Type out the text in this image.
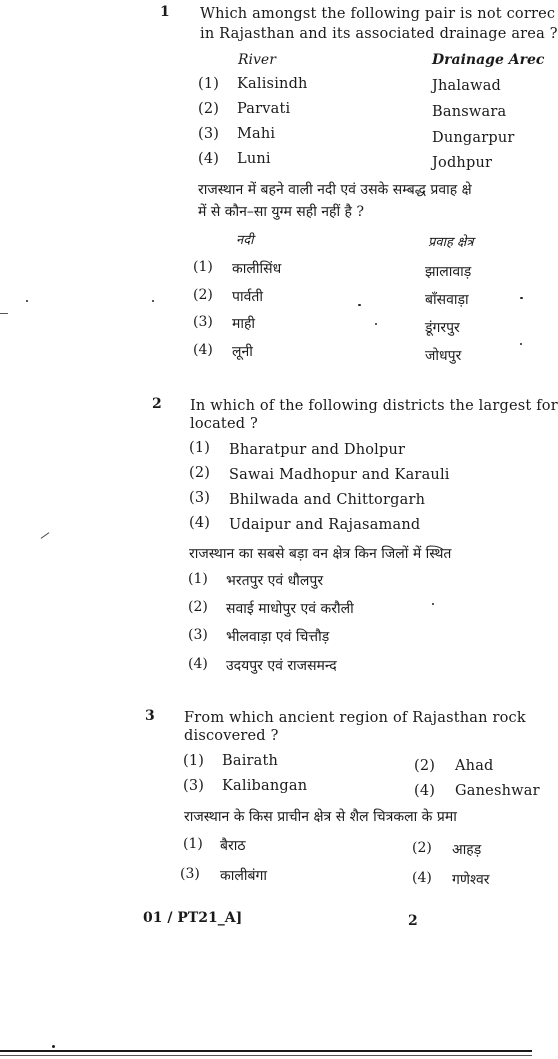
1 Which amongst the following pair is not correc
in Rajasthan and its associated drainage area ?
River	Drainage Arec
(1) Kalisindh	Jhalawad
(2) Parvati	Banswara
(3) Mahi	Dungarpur
(4) Luni	Jodhpur
राजस्थान में बहने वाली नदी एवं उसके सम्बद्ध प्रवाह क्षे
में से कौन–सा युग्म सही नहीं है ?
नदी	प्रवाह क्षेत्र
(1) कालीसिंध	झालावाड़
(2) पार्वती	बाँसवाड़ा
(3) माही	डूंगरपुर
(4) लूनी	जोधपुर
2 In which of the following districts the largest for
located ?
(1) Bharatpur and Dholpur
(2) Sawai Madhopur and Karauli
(3) Bhilwada and Chittorgarh
(4) Udaipur and Rajasamand
राजस्थान का सबसे बड़ा वन क्षेत्र किन जिलों में स्थित
(1) भरतपुर एवं धौलपुर
(2) सवाई माधोपुर एवं करौली
(3) भीलवाड़ा एवं चित्तौड़
(4) उदयपुर एवं राजसमन्द
3 From which ancient region of Rajasthan rock
discovered ?
(1) Bairath	(2) Ahad
(3) Kalibangan	(4) Ganeshwar
राजस्थान के किस प्राचीन क्षेत्र से शैल चित्रकला के प्रमा
(1) बैराठ	(2) आहड़
(3) कालीबंगा	(4) गणेश्वर
01 / PT21_A]	2
